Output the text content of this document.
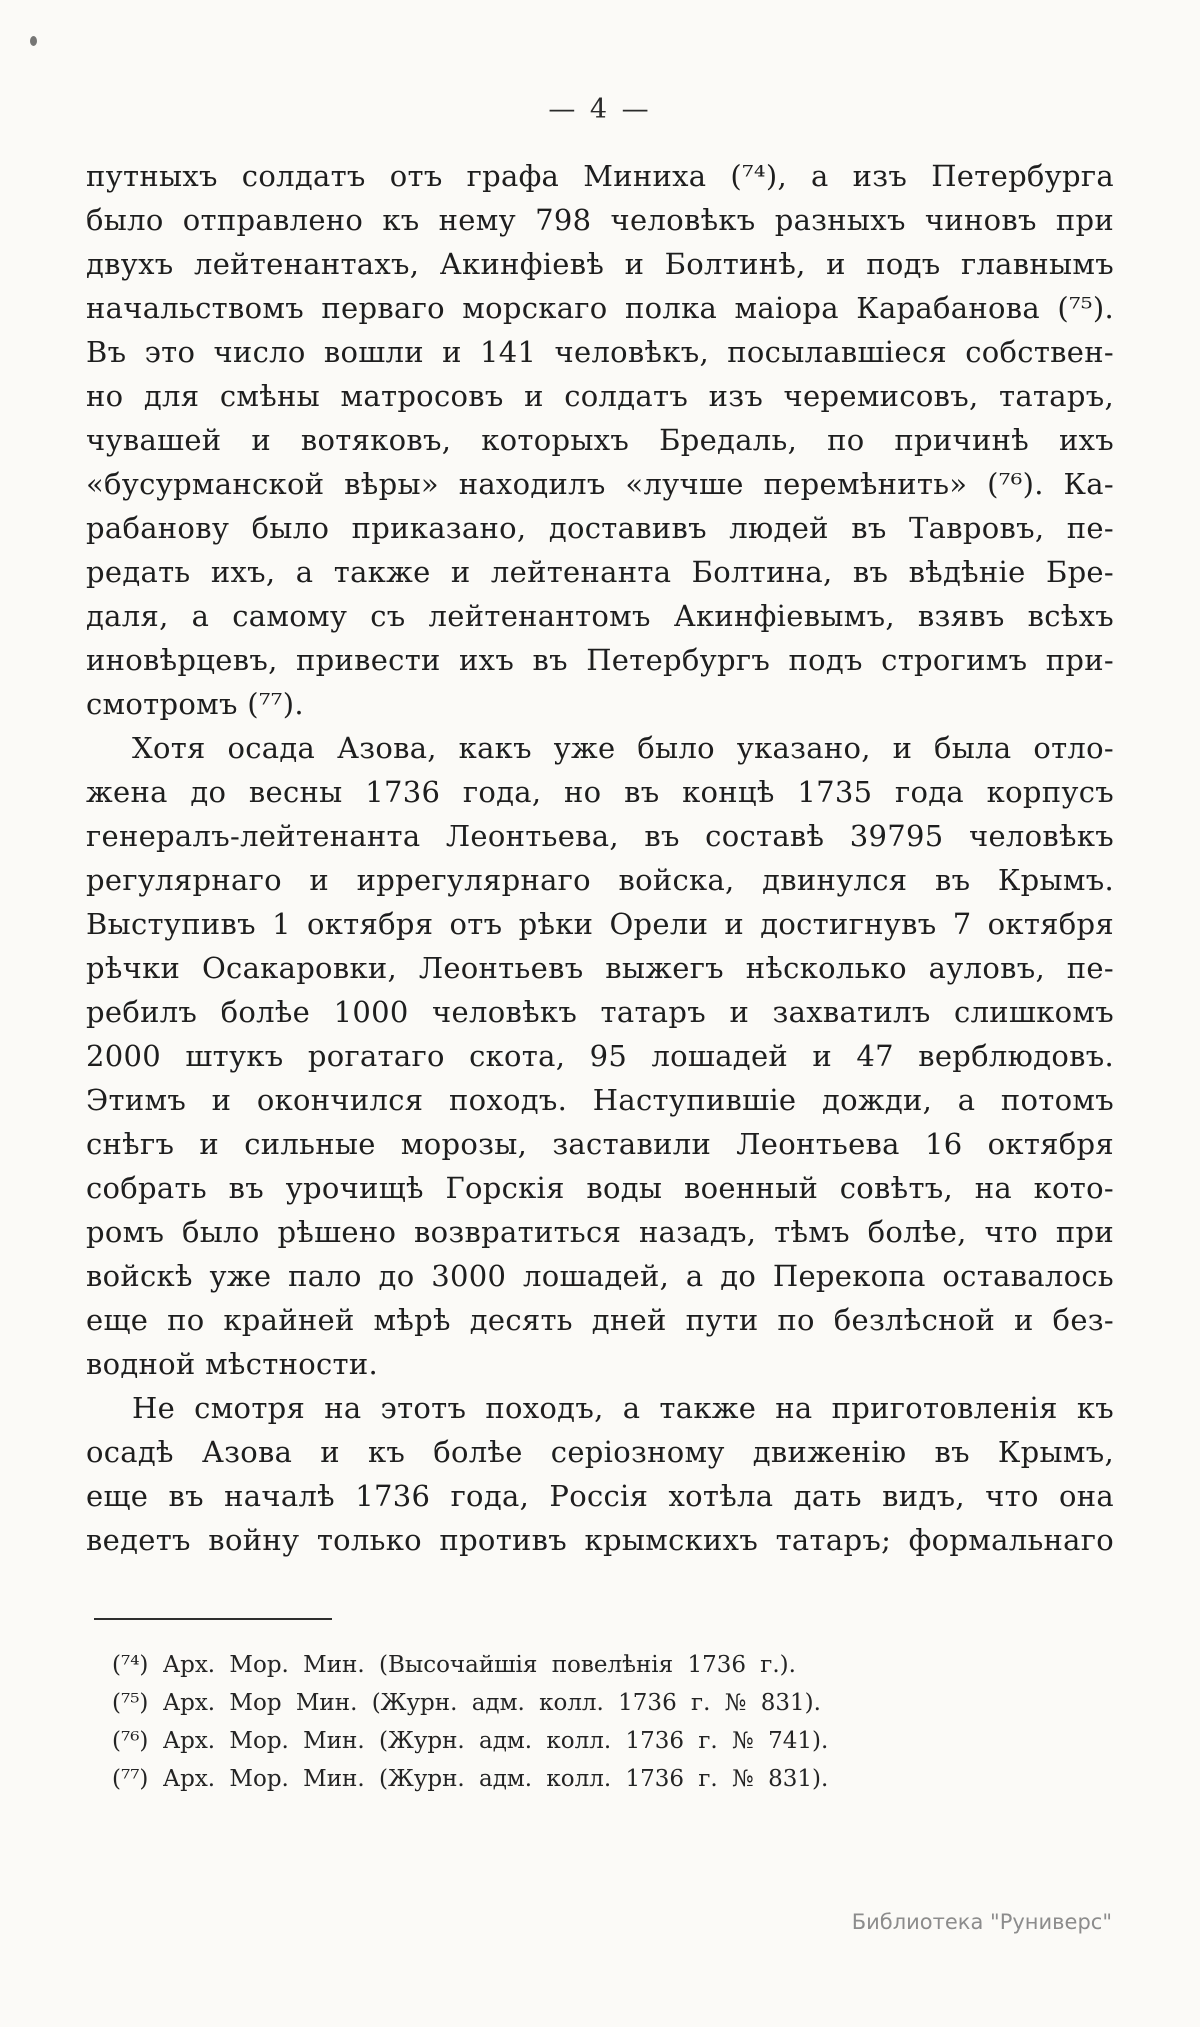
— 4 —
путныхъ солдатъ отъ графа Миниха (⁷⁴), а изъ Петербурга
было отправлено къ нему 798 человѣкъ разныхъ чиновъ при
двухъ лейтенантахъ, Акинфіевѣ и Болтинѣ, и подъ главнымъ
начальствомъ перваго морскаго полка маіора Карабанова (⁷⁵).
Въ это число вошли и 141 человѣкъ, посылавшіеся собствен-
но для смѣны матросовъ и солдатъ изъ черемисовъ, татаръ,
чувашей и вотяковъ, которыхъ Бредаль, по причинѣ ихъ
«бусурманской вѣры» находилъ «лучше перемѣнить» (⁷⁶). Ка-
рабанову было приказано, доставивъ людей въ Тавровъ, пе-
редать ихъ, а также и лейтенанта Болтина, въ вѣдѣніе Бре-
даля, а самому съ лейтенантомъ Акинфіевымъ, взявъ всѣхъ
иновѣрцевъ, привести ихъ въ Петербургъ подъ строгимъ при-
смотромъ (⁷⁷).
Хотя осада Азова, какъ уже было указано, и была отло-
жена до весны 1736 года, но въ концѣ 1735 года корпусъ
генералъ-лейтенанта Леонтьева, въ составѣ 39795 человѣкъ
регулярнаго и иррегулярнаго войска, двинулся въ Крымъ.
Выступивъ 1 октября отъ рѣки Орели и достигнувъ 7 октября
рѣчки Осакаровки, Леонтьевъ выжегъ нѣсколько ауловъ, пе-
ребилъ болѣе 1000 человѣкъ татаръ и захватилъ слишкомъ
2000 штукъ рогатаго скота, 95 лошадей и 47 верблюдовъ.
Этимъ и окончился походъ. Наступившіе дожди, а потомъ
снѣгъ и сильные морозы, заставили Леонтьева 16 октября
собрать въ урочищѣ Горскія воды военный совѣтъ, на кото-
ромъ было рѣшено возвратиться назадъ, тѣмъ болѣе, что при
войскѣ уже пало до 3000 лошадей, а до Перекопа оставалось
еще по крайней мѣрѣ десять дней пути по безлѣсной и без-
водной мѣстности.
Не смотря на этотъ походъ, а также на приготовленія къ
осадѣ Азова и къ болѣе серіозному движенію въ Крымъ,
еще въ началѣ 1736 года, Россія хотѣла дать видъ, что она
ведетъ войну только противъ крымскихъ татаръ; формальнаго
(⁷⁴) Арх. Мор. Мин. (Высочайшія повелѣнія 1736 г.).
(⁷⁵) Арх. Мор Мин. (Журн. адм. колл. 1736 г. № 831).
(⁷⁶) Арх. Мор. Мин. (Журн. адм. колл. 1736 г. № 741).
(⁷⁷) Арх. Мор. Мин. (Журн. адм. колл. 1736 г. № 831).
Библиотека "Руниверс"
